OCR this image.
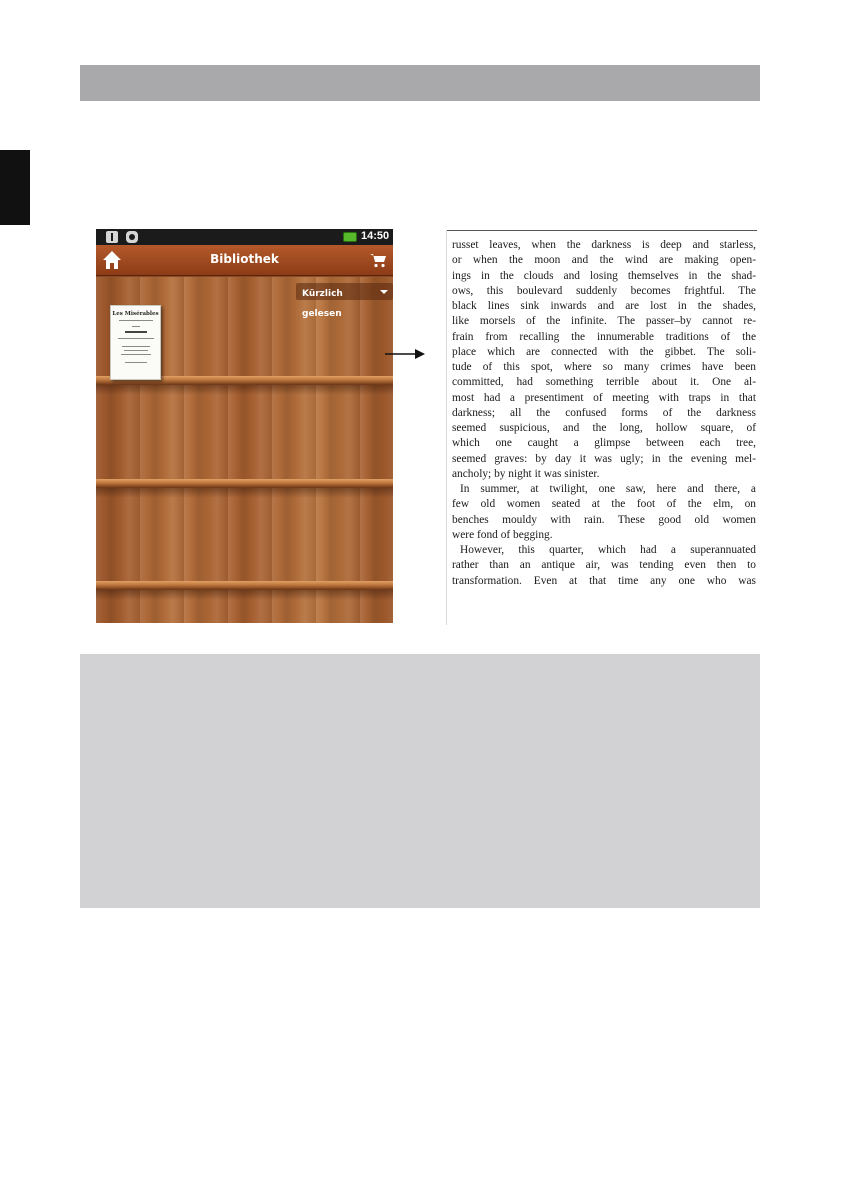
14:50
Bibliothek
Kürzlich gelesen
Les Misérables
russet leaves, when the darkness is deep and starless,
or when the moon and the wind are making open-
ings in the clouds and losing themselves in the shad-
ows, this boulevard suddenly becomes frightful. The
black lines sink inwards and are lost in the shades,
like morsels of the infinite. The passer–by cannot re-
frain from recalling the innumerable traditions of the
place which are connected with the gibbet. The soli-
tude of this spot, where so many crimes have been
committed, had something terrible about it. One al-
most had a presentiment of meeting with traps in that
darkness; all the confused forms of the darkness
seemed suspicious, and the long, hollow square, of
which one caught a glimpse between each tree,
seemed graves: by day it was ugly; in the evening mel-
ancholy; by night it was sinister.
In summer, at twilight, one saw, here and there, a
few old women seated at the foot of the elm, on
benches mouldy with rain. These good old women
were fond of begging.
However, this quarter, which had a superannuated
rather than an antique air, was tending even then to
transformation. Even at that time any one who was
